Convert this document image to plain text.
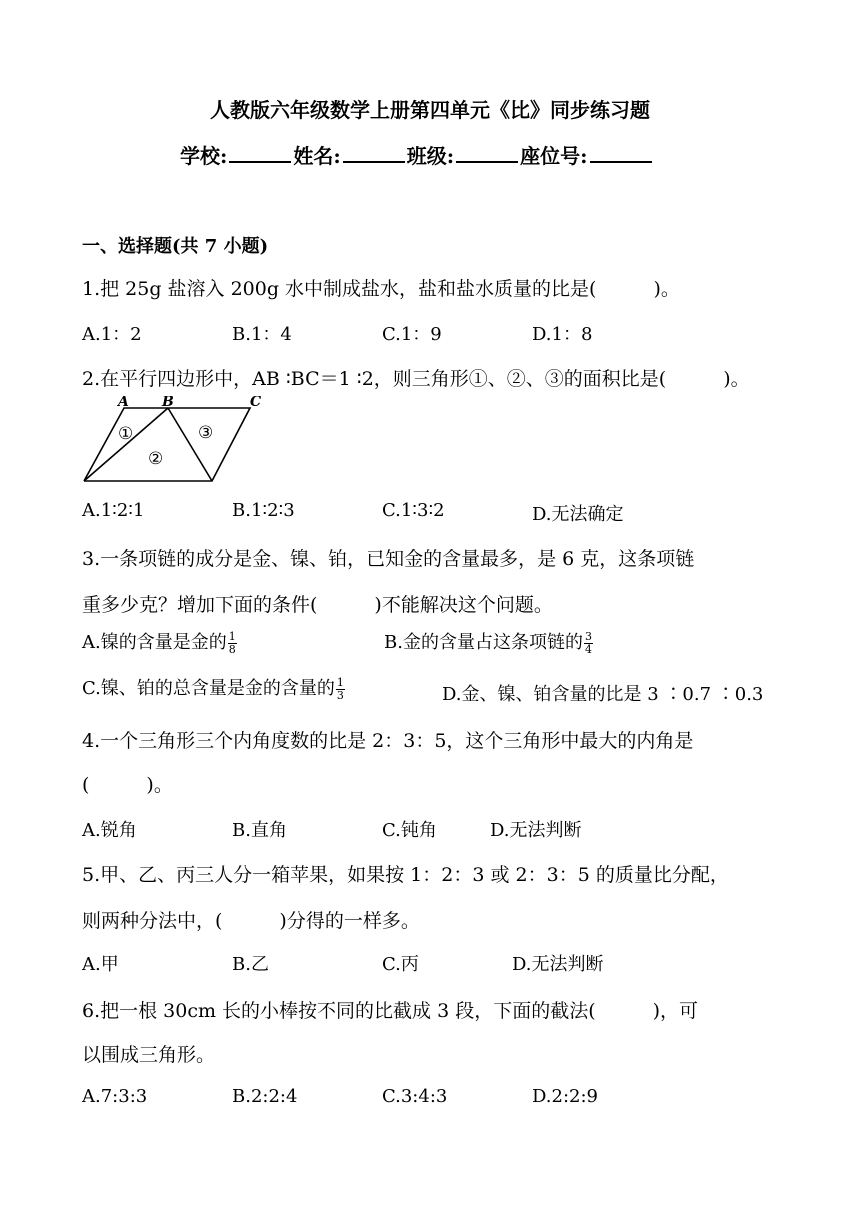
人教版六年级数学上册第四单元《比》同步练习题
学校:	姓名:	班级:	座位号:
一、选择题(共 7 小题)
1.把 25g 盐溶入 200g 水中制成盐水，盐和盐水质量的比是(　　　)。
A.1：2	B.1：4	C.1：9	D.1：8
2.在平行四边形中，AB ∶BC＝1 ∶2，则三角形①、②、③的面积比是(　　　)。
A B	C
①
②
③
A.1∶2∶1	B.1∶2∶3	C.1∶3∶2	D.无法确定
3.一条项链的成分是金、镍、铂，已知金的含量最多，是 6 克，这条项链
重多少克？增加下面的条件(　　　)不能解决这个问题。
A.镍的含量是金的 $\frac{1}{8}$	B.金的含量占这条项链的 $\frac{3}{4}$
C.镍、铂的总含量是金的含量的 $\frac{1}{3}$	D.金、镍、铂含量的比是 3 ∶0.7 ∶0.3
4.一个三角形三个内角度数的比是 2：3：5，这个三角形中最大的内角是
(　　　)。
A.锐角	B.直角	C.钝角	D.无法判断
5.甲、乙、丙三人分一箱苹果，如果按 1：2：3 或 2：3：5 的质量比分配，
则两种分法中，(　　　)分得的一样多。
A.甲	B.乙	C.丙	D.无法判断
6.把一根 30cm 长的小棒按不同的比截成 3 段，下面的截法(　　　)，可
以围成三角形。
A.7:3:3	B.2:2:4	C.3:4:3	D.2:2:9
